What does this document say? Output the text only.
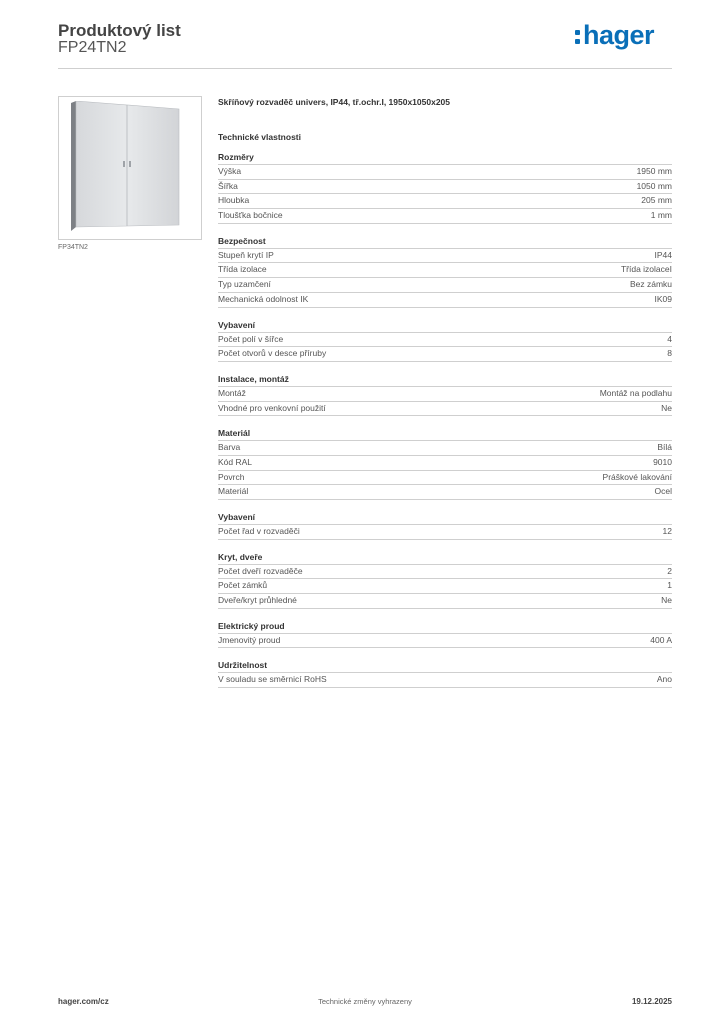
Produktový list
FP24TN2	hager
FP34TN2
Skříňový rozvaděč univers, IP44, tř.ochr.I, 1950x1050x205
Technické vlastnosti
Rozměry
Výška	1950 mm
Šířka	1050 mm
Hloubka	205 mm
Tloušťka bočnice	1 mm
Bezpečnost
Stupeň krytí IP	IP44
Třída izolace	Třída izolaceI
Typ uzamčení	Bez zámku
Mechanická odolnost IK	IK09
Vybavení
Počet polí v šířce	4
Počet otvorů v desce příruby	8
Instalace, montáž
Montáž	Montáž na podlahu
Vhodné pro venkovní použití	Ne
Materiál
Barva	Bílá
Kód RAL	9010
Povrch	Práškové lakování
Materiál	Ocel
Vybavení
Počet řad v rozvaděči	12
Kryt, dveře
Počet dveří rozvaděče	2
Počet zámků	1
Dveře/kryt průhledné	Ne
Elektrický proud
Jmenovitý proud	400 A
Udržitelnost
V souladu se směrnicí RoHS	Ano
hager.com/cz	Technické změny vyhrazeny	19.12.2025
